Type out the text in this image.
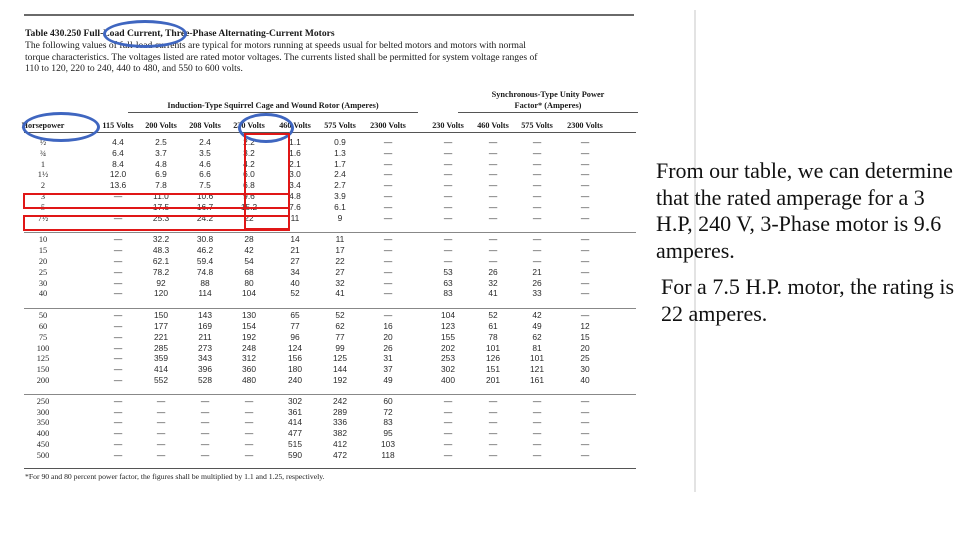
Table 430.250 Full-Load Current, Three-Phase Alternating-Current Motors
The following values of full-load currents are typical for motors running at speeds usual for belted motors and motors with normal
torque characteristics. The voltages listed are rated motor voltages. The currents listed shall be permitted for system voltage ranges of
110 to 120, 220 to 240, 440 to 480, and 550 to 600 volts.
Induction-Type Squirrel Cage and Wound Rotor (Amperes)
Synchronous-Type Unity Power
Factor* (Amperes)
Horsepower	115 Volts	200 Volts	208 Volts	230 Volts	460 Volts	575 Volts	2300 Volts	230 Volts	460 Volts	575 Volts	2300 Volts
½	4.4	2.5	2.4	2.2	1.1	0.9	—	—	—	—	—
¾	6.4	3.7	3.5	3.2	1.6	1.3	—	—	—	—	—
1	8.4	4.8	4.6	4.2	2.1	1.7	—	—	—	—	—
1½	12.0	6.9	6.6	6.0	3.0	2.4	—	—	—	—	—
2	13.6	7.8	7.5	6.8	3.4	2.7	—	—	—	—	—
3	—	11.0	10.6	9.6	4.8	3.9	—	—	—	—	—
5	—	17.5	16.7	15.2	7.6	6.1	—	—	—	—	—
7½	—	25.3	24.2	22	11	9	—	—	—	—	—
10	—	32.2	30.8	28	14	11	—	—	—	—	—
15	—	48.3	46.2	42	21	17	—	—	—	—	—
20	—	62.1	59.4	54	27	22	—	—	—	—	—
25	—	78.2	74.8	68	34	27	—	53	26	21	—
30	—	92	88	80	40	32	—	63	32	26	—
40	—	120	114	104	52	41	—	83	41	33	—
50	—	150	143	130	65	52	—	104	52	42	—
60	—	177	169	154	77	62	16	123	61	49	12
75	—	221	211	192	96	77	20	155	78	62	15
100	—	285	273	248	124	99	26	202	101	81	20
125	—	359	343	312	156	125	31	253	126	101	25
150	—	414	396	360	180	144	37	302	151	121	30
200	—	552	528	480	240	192	49	400	201	161	40
250	—	—	—	—	302	242	60	—	—	—	—
300	—	—	—	—	361	289	72	—	—	—	—
350	—	—	—	—	414	336	83	—	—	—	—
400	—	—	—	—	477	382	95	—	—	—	—
450	—	—	—	—	515	412	103	—	—	—	—
500	—	—	—	—	590	472	118	—	—	—	—
*For 90 and 80 percent power factor, the figures shall be multiplied by 1.1 and 1.25, respectively.

From our table, we can determine that the rated amperage for a 3 H.P, 240 V, 3-Phase motor is 9.6 amperes.

For a 7.5 H.P. motor, the rating is 22 amperes.
